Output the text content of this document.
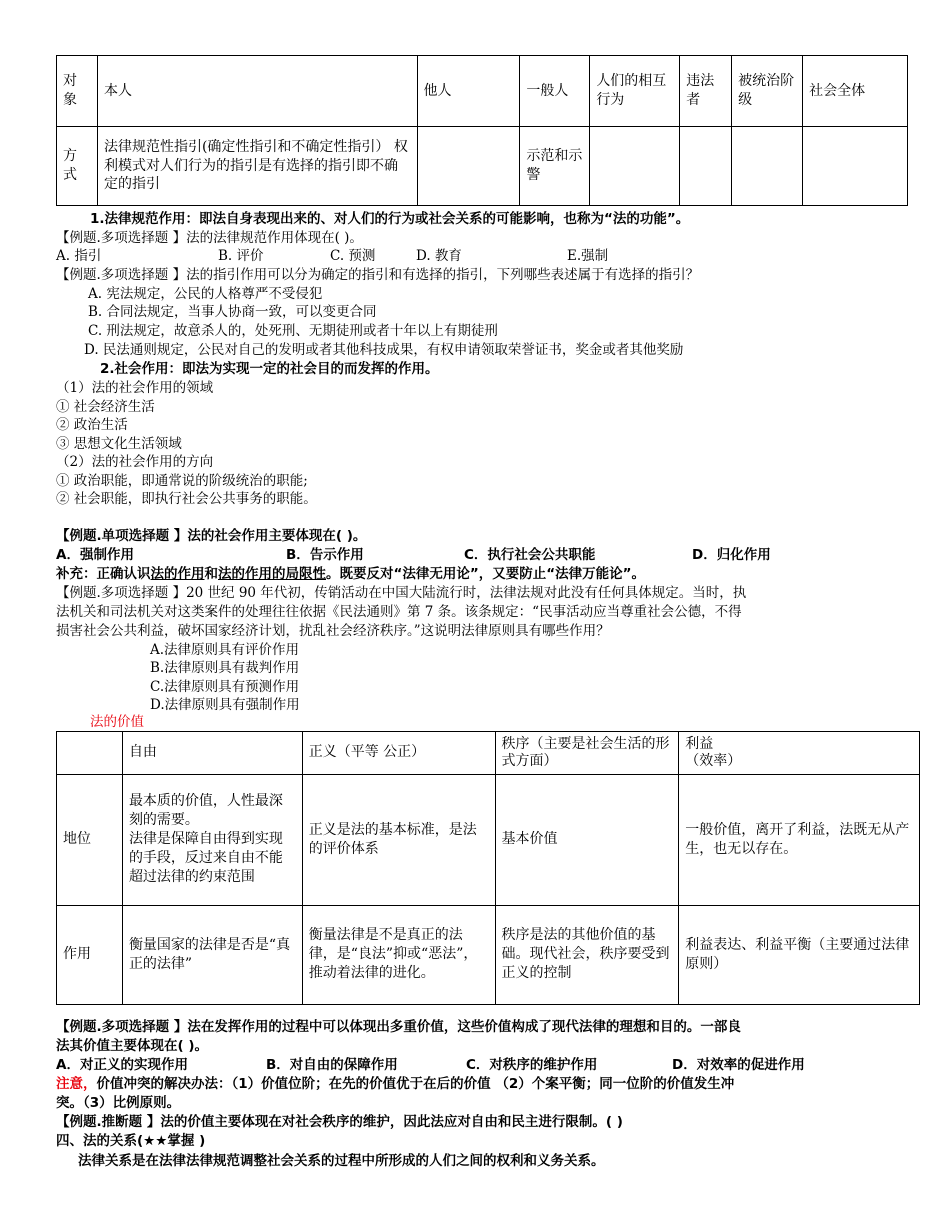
对象	本人	他人	一般人	人们的相互行为	违法者	被统治阶级	社会全体
方式	法律规范性指引(确定性指引和不确定性指引） 权利模式对人们行为的指引是有选择的指引即不确定的指引		示范和示警				
1.法律规范作用：即法自身表现出来的、对人们的行为或社会关系的可能影响，也称为“法的功能”。
【例题.多项选择题 】法的法律规范作用体现在( )。
A. 指引	B. 评价	C. 预测	D. 教育	E.强制
【例题.多项选择题 】法的指引作用可以分为确定的指引和有选择的指引，下列哪些表述属于有选择的指引？
A. 宪法规定，公民的人格尊严不受侵犯
B. 合同法规定，当事人协商一致，可以变更合同
C. 刑法规定，故意杀人的，处死刑、无期徒刑或者十年以上有期徒刑
D. 民法通则规定，公民对自己的发明或者其他科技成果，有权申请领取荣誉证书，奖金或者其他奖励
2.社会作用：即法为实现一定的社会目的而发挥的作用。
（1）法的社会作用的领域
① 社会经济生活
② 政治生活
③ 思想文化生活领域
（2）法的社会作用的方向
① 政治职能，即通常说的阶级统治的职能;
② 社会职能，即执行社会公共事务的职能。
【例题.单项选择题 】法的社会作用主要体现在( )。
A．强制作用	B．告示作用	C．执行社会公共职能	D．归化作用
补充：正确认识法的作用和法的作用的局限性。既要反对“法律无用论”，又要防止“法律万能论”。
【例题.多项选择题 】20 世纪 90 年代初，传销活动在中国大陆流行时，法律法规对此没有任何具体规定。当时，执
法机关和司法机关对这类案件的处理往往依据《民法通则》第 7 条。该条规定：“民事活动应当尊重社会公德，不得
损害社会公共利益，破坏国家经济计划，扰乱社会经济秩序。”这说明法律原则具有哪些作用？
A.法律原则具有评价作用
B.法律原则具有裁判作用
C.法律原则具有预测作用
D.法律原则具有强制作用
法的价值
	自由	正义（平等 公正）	秩序（主要是社会生活的形式方面）	利益
（效率）
地位	最本质的价值，人性最深刻的需要。
法律是保障自由得到实现的手段，反过来自由不能超过法律的约束范围	正义是法的基本标准，是法的评价体系	基本价值	一般价值，离开了利益，法既无从产生，也无以存在。
作用	衡量国家的法律是否是“真正的法律”	衡量法律是不是真正的法律，是“良法”抑或“恶法”，推动着法律的进化。	秩序是法的其他价值的基础。现代社会，秩序要受到正义的控制	利益表达、利益平衡（主要通过法律原则）
【例题.多项选择题 】法在发挥作用的过程中可以体现出多重价值，这些价值构成了现代法律的理想和目的。一部良
法其价值主要体现在( )。
A．对正义的实现作用	B．对自由的保障作用	C．对秩序的维护作用	D．对效率的促进作用
注意，价值冲突的解决办法：（1）价值位阶；在先的价值优于在后的价值 （2）个案平衡；同一位阶的价值发生冲
突。（3）比例原则。
【例题.推断题 】法的价值主要体现在对社会秩序的维护，因此法应对自由和民主进行限制。( )
四、法的关系(★★掌握 )
法律关系是在法律法律规范调整社会关系的过程中所形成的人们之间的权利和义务关系。
